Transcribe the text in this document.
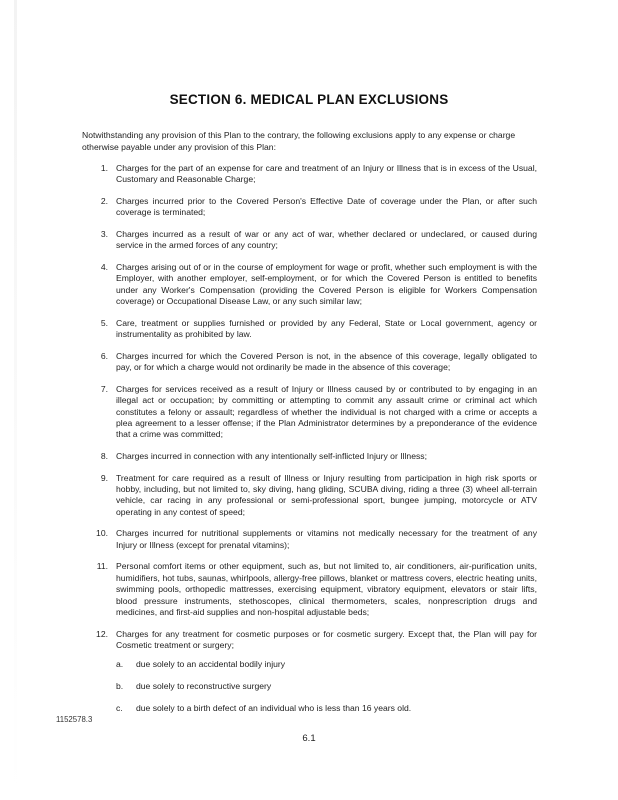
SECTION 6. MEDICAL PLAN EXCLUSIONS
Notwithstanding any provision of this Plan to the contrary, the following exclusions apply to any expense or charge otherwise payable under any provision of this Plan:
1. Charges for the part of an expense for care and treatment of an Injury or Illness that is in excess of the Usual, Customary and Reasonable Charge;
2. Charges incurred prior to the Covered Person's Effective Date of coverage under the Plan, or after such coverage is terminated;
3. Charges incurred as a result of war or any act of war, whether declared or undeclared, or caused during service in the armed forces of any country;
4. Charges arising out of or in the course of employment for wage or profit, whether such employment is with the Employer, with another employer, self-employment, or for which the Covered Person is entitled to benefits under any Worker's Compensation (providing the Covered Person is eligible for Workers Compensation coverage) or Occupational Disease Law, or any such similar law;
5. Care, treatment or supplies furnished or provided by any Federal, State or Local government, agency or instrumentality as prohibited by law.
6. Charges incurred for which the Covered Person is not, in the absence of this coverage, legally obligated to pay, or for which a charge would not ordinarily be made in the absence of this coverage;
7. Charges for services received as a result of Injury or Illness caused by or contributed to by engaging in an illegal act or occupation; by committing or attempting to commit any assault crime or criminal act which constitutes a felony or assault; regardless of whether the individual is not charged with a crime or accepts a plea agreement to a lesser offense; if the Plan Administrator determines by a preponderance of the evidence that a crime was committed;
8. Charges incurred in connection with any intentionally self-inflicted Injury or Illness;
9. Treatment for care required as a result of Illness or Injury resulting from participation in high risk sports or hobby, including, but not limited to, sky diving, hang gliding, SCUBA diving, riding a three (3) wheel all-terrain vehicle, car racing in any professional or semi-professional sport, bungee jumping, motorcycle or ATV operating in any contest of speed;
10. Charges incurred for nutritional supplements or vitamins not medically necessary for the treatment of any Injury or Illness (except for prenatal vitamins);
11. Personal comfort items or other equipment, such as, but not limited to, air conditioners, air-purification units, humidifiers, hot tubs, saunas, whirlpools, allergy-free pillows, blanket or mattress covers, electric heating units, swimming pools, orthopedic mattresses, exercising equipment, vibratory equipment, elevators or stair lifts, blood pressure instruments, stethoscopes, clinical thermometers, scales, nonprescription drugs and medicines, and first-aid supplies and non-hospital adjustable beds;
12. Charges for any treatment for cosmetic purposes or for cosmetic surgery. Except that, the Plan will pay for Cosmetic treatment or surgery;
a. due solely to an accidental bodily injury
b. due solely to reconstructive surgery
c. due solely to a birth defect of an individual who is less than 16 years old.
1152578.3
6.1
